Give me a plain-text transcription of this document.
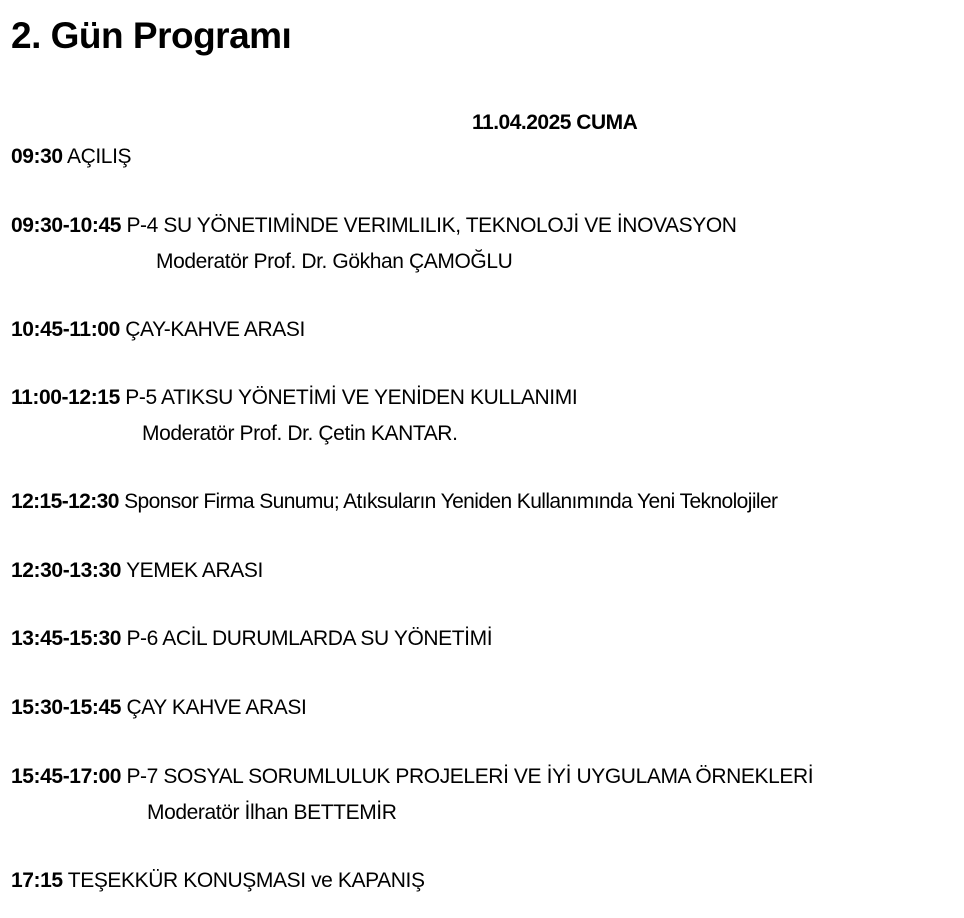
2. Gün Programı
11.04.2025 CUMA
09:30 AÇILIŞ
09:30-10:45 P-4 SU YÖNETIMİNDE VERIMLILIK, TEKNOLOJİ VE İNOVASYON
Moderatör Prof. Dr. Gökhan ÇAMOĞLU
10:45-11:00 ÇAY-KAHVE ARASI
11:00-12:15 P-5 ATIKSU YÖNETİMİ VE YENİDEN KULLANIMI
Moderatör Prof. Dr. Çetin KANTAR.
12:15-12:30 Sponsor Firma Sunumu; Atıksuların Yeniden Kullanımında Yeni Teknolojiler
12:30-13:30 YEMEK ARASI
13:45-15:30 P-6 ACİL DURUMLARDA SU YÖNETİMİ
15:30-15:45 ÇAY KAHVE ARASI
15:45-17:00 P-7 SOSYAL SORUMLULUK PROJELERİ VE İYİ UYGULAMA ÖRNEKLERİ
Moderatör İlhan BETTEMİR
17:15 TEŞEKKÜR KONUŞMASI ve KAPANIŞ
